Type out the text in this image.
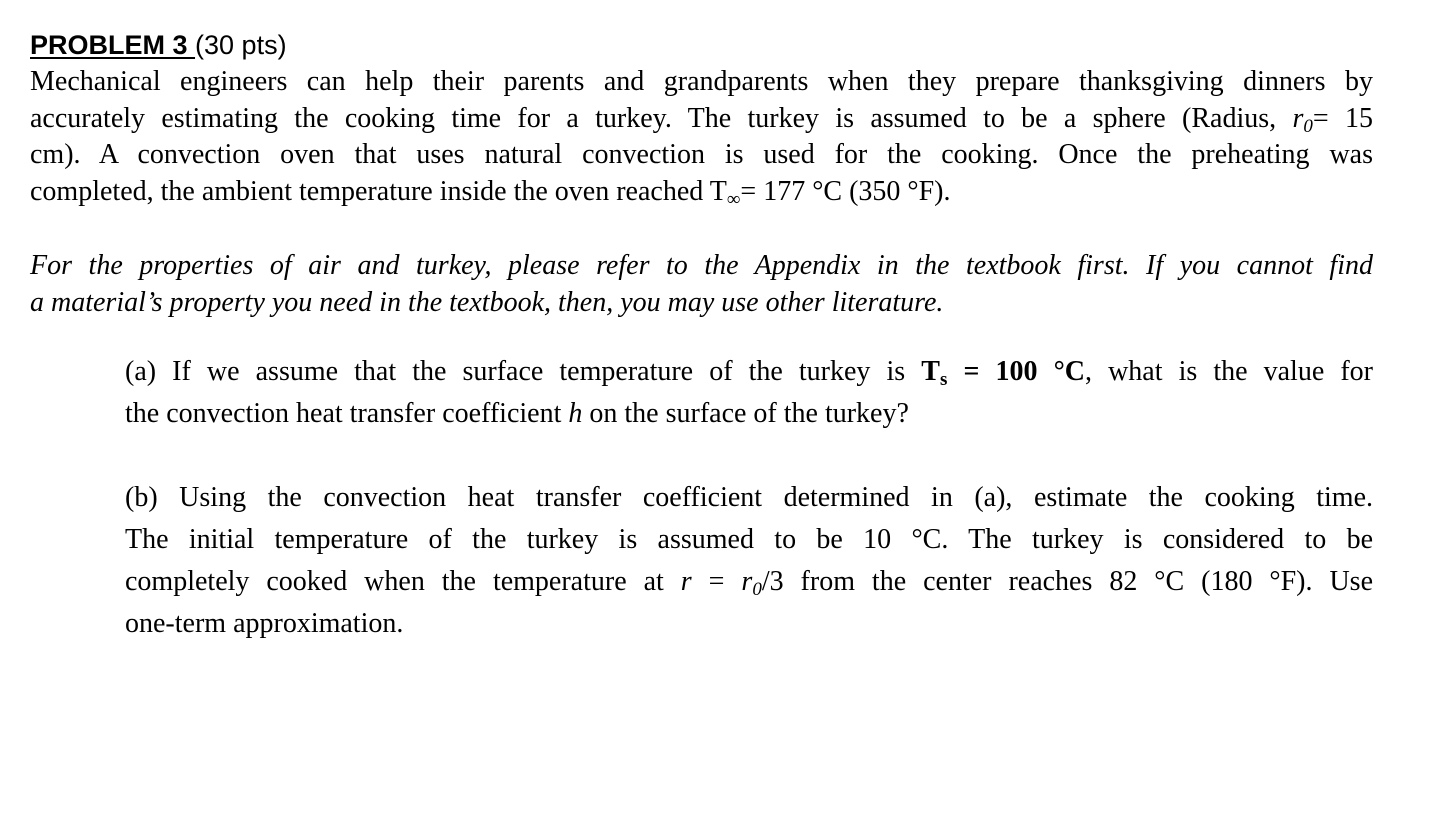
PROBLEM 3 (30 pts)

Mechanical engineers can help their parents and grandparents when they prepare thanksgiving dinners by
accurately estimating the cooking time for a turkey. The turkey is assumed to be a sphere (Radius, $r_0= 15$
cm). A convection oven that uses natural convection is used for the cooking. Once the preheating was
completed, the ambient temperature inside the oven reached $T_\infty= 177$ °C (350 °F).
For the properties of air and turkey, please refer to the Appendix in the textbook first. If you cannot find
a material’s property you need in the textbook, then, you may use other literature.
(a) If we assume that the surface temperature of the turkey is $T_s = 100$ °C, what is the value for
the convection heat transfer coefficient h on the surface of the turkey?
(b) Using the convection heat transfer coefficient determined in (a), estimate the cooking time.
The initial temperature of the turkey is assumed to be 10 °C. The turkey is considered to be
completely cooked when the temperature at $r = r_0/3$ from the center reaches 82 °C (180 °F). Use
one-term approximation.
